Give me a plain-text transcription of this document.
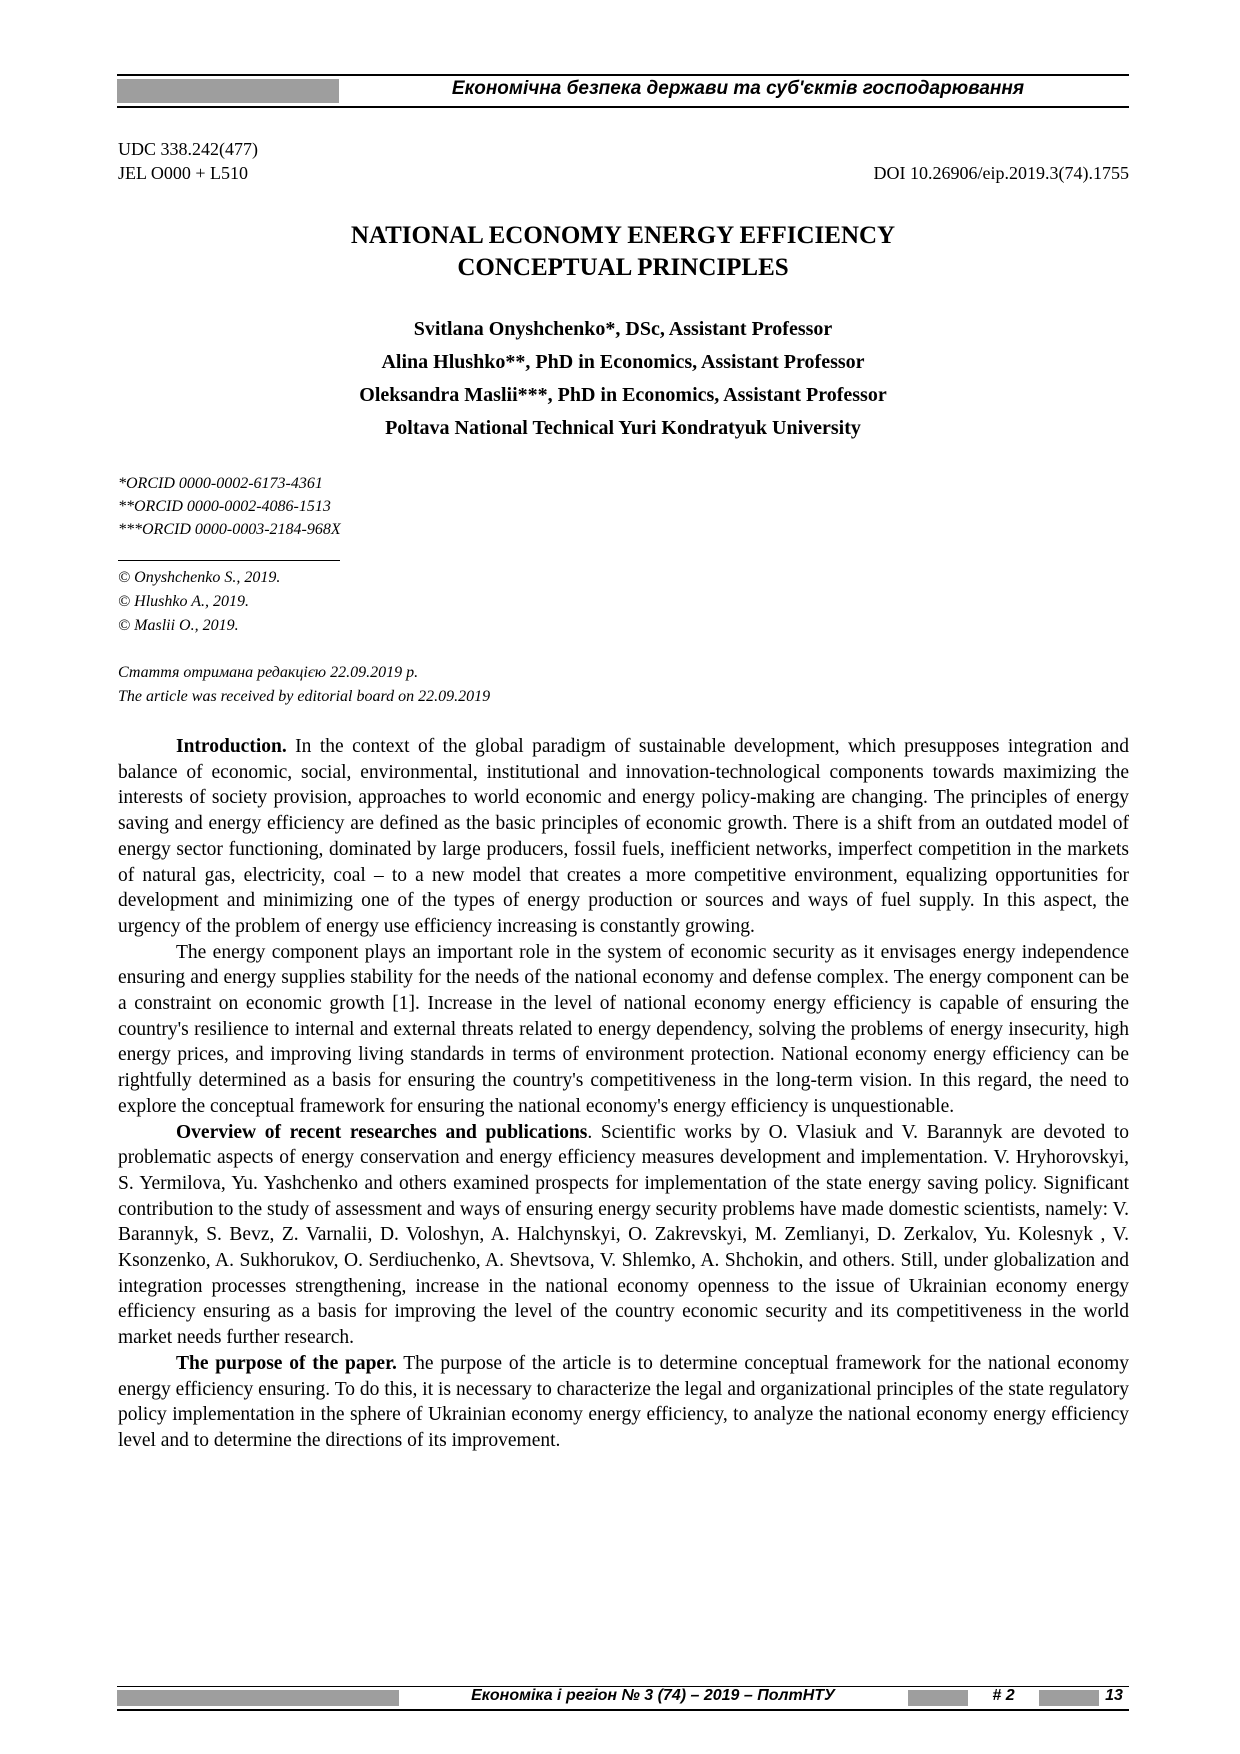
Економічна безпека держави та суб'єктів господарювання
UDC 338.242(477)
JEL O000 + L510	DOI 10.26906/eip.2019.3(74).1755
NATIONAL ECONOMY ENERGY EFFICIENCY
CONCEPTUAL PRINCIPLES
Svitlana Onyshchenko*, DSc, Assistant Professor
Alina Hlushko**, PhD in Economics, Assistant Professor
Oleksandra Maslii***, PhD in Economics, Assistant Professor
Poltava National Technical Yuri Kondratyuk University
*ORCID 0000-0002-6173-4361
**ORCID 0000-0002-4086-1513
***ORCID 0000-0003-2184-968X
© Onyshchenko S., 2019.
© Hlushko A., 2019.
© Maslii O., 2019.
Стаття отримана редакцією 22.09.2019 р.
The article was received by editorial board on 22.09.2019

Introduction. In the context of the global paradigm of sustainable development, which presupposes integration and balance of economic, social, environmental, institutional and innovation-technological components towards maximizing the interests of society provision, approaches to world economic and energy policy-making are changing. The principles of energy saving and energy efficiency are defined as the basic principles of economic growth. There is a shift from an outdated model of energy sector functioning, dominated by large producers, fossil fuels, inefficient networks, imperfect competition in the markets of natural gas, electricity, coal – to a new model that creates a more competitive environment, equalizing opportunities for development and minimizing one of the types of energy production or sources and ways of fuel supply. In this aspect, the urgency of the problem of energy use efficiency increasing is constantly growing.

The energy component plays an important role in the system of economic security as it envisages energy independence ensuring and energy supplies stability for the needs of the national economy and defense complex. The energy component can be a constraint on economic growth [1]. Increase in the level of national economy energy efficiency is capable of ensuring the country's resilience to internal and external threats related to energy dependency, solving the problems of energy insecurity, high energy prices, and improving living standards in terms of environment protection. National economy energy efficiency can be rightfully determined as a basis for ensuring the country's competitiveness in the long-term vision. In this regard, the need to explore the conceptual framework for ensuring the national economy's energy efficiency is unquestionable.

Overview of recent researches and publications. Scientific works by O. Vlasiuk and V. Barannyk are devoted to problematic aspects of energy conservation and energy efficiency measures development and implementation. V. Hryhorovskyi, S. Yermilova, Yu. Yashchenko and others examined prospects for implementation of the state energy saving policy. Significant contribution to the study of assessment and ways of ensuring energy security problems have made domestic scientists, namely: V. Barannyk, S. Bevz, Z. Varnalii, D. Voloshyn, A. Halchynskyi, O. Zakrevskyi, M. Zemlianyi, D. Zerkalov, Yu. Kolesnyk , V. Ksonzenko, A. Sukhorukov, O. Serdiuchenko, A. Shevtsova, V. Shlemko, A. Shchokin, and others. Still, under globalization and integration processes strengthening, increase in the national economy openness to the issue of Ukrainian economy energy efficiency ensuring as a basis for improving the level of the country economic security and its competitiveness in the world market needs further research.

The purpose of the paper. The purpose of the article is to determine conceptual framework for the national economy energy efficiency ensuring. To do this, it is necessary to characterize the legal and organizational principles of the state regulatory policy implementation in the sphere of Ukrainian economy energy efficiency, to analyze the national economy energy efficiency level and to determine the directions of its improvement.

Економіка і регіон № 3 (74) – 2019 – ПолтНТУ	# 2	13
